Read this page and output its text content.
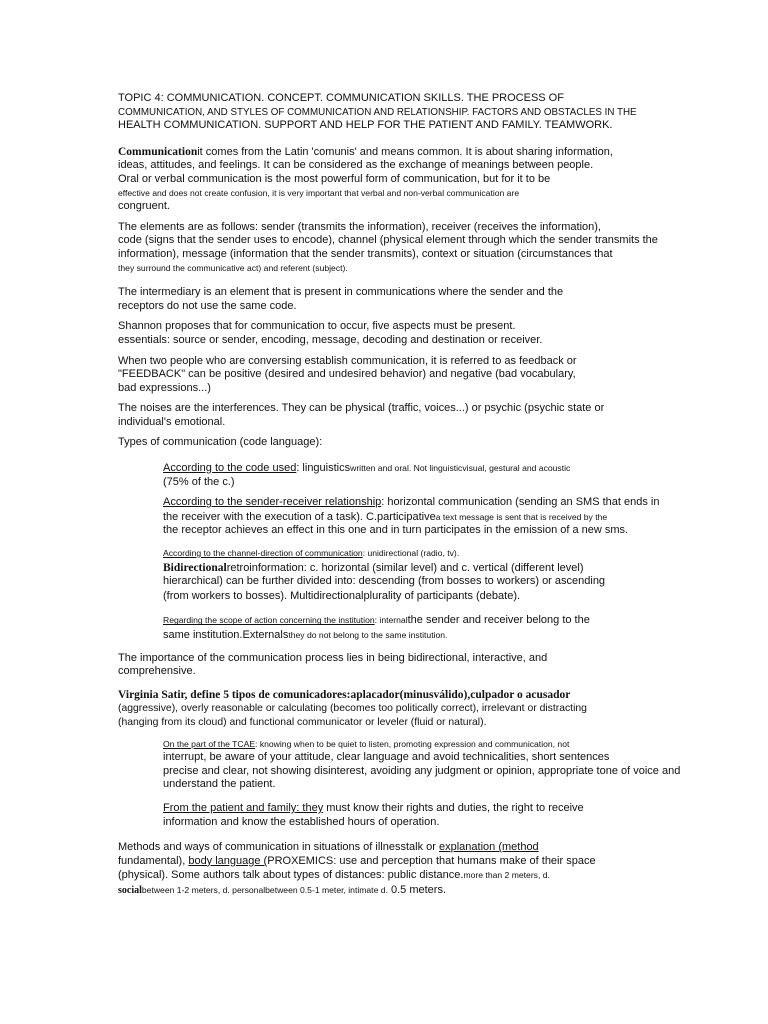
TOPIC 4: COMMUNICATION. CONCEPT. COMMUNICATION SKILLS. THE PROCESS OF
COMMUNICATION, AND STYLES OF COMMUNICATION AND RELATIONSHIP. FACTORS AND OBSTACLES IN THE
HEALTH COMMUNICATION. SUPPORT AND HELP FOR THE PATIENT AND FAMILY. TEAMWORK.
Communicationit comes from the Latin 'comunis' and means common. It is about sharing information,
ideas, attitudes, and feelings. It can be considered as the exchange of meanings between people.
Oral or verbal communication is the most powerful form of communication, but for it to be
effective and does not create confusion, it is very important that verbal and non-verbal communication are
congruent.
The elements are as follows: sender (transmits the information), receiver (receives the information),
code (signs that the sender uses to encode), channel (physical element through which the sender transmits the
information), message (information that the sender transmits), context or situation (circumstances that
they surround the communicative act) and referent (subject).
The intermediary is an element that is present in communications where the sender and the
receptors do not use the same code.
Shannon proposes that for communication to occur, five aspects must be present.
essentials: source or sender, encoding, message, decoding and destination or receiver.
When two people who are conversing establish communication, it is referred to as feedback or
"FEEDBACK" can be positive (desired and undesired behavior) and negative (bad vocabulary,
bad expressions...)
The noises are the interferences. They can be physical (traffic, voices...) or psychic (psychic state or
individual's emotional.
Types of communication (code language):
According to the code used: linguisticswritten and oral. Not linguisticvisual, gestural and acoustic
(75% of the c.)
According to the sender-receiver relationship: horizontal communication (sending an SMS that ends in
the receiver with the execution of a task). C.participativea text message is sent that is received by the
the receptor achieves an effect in this one and in turn participates in the emission of a new sms.
According to the channel-direction of communication: unidirectional (radio, tv).
Bidirectionalretroinformation: c. horizontal (similar level) and c. vertical (different level)
hierarchical) can be further divided into: descending (from bosses to workers) or ascending
(from workers to bosses). Multidirectionalplurality of participants (debate).
Regarding the scope of action concerning the institution: internalthe sender and receiver belong to the
same institution.Externalsthey do not belong to the same institution.
The importance of the communication process lies in being bidirectional, interactive, and
comprehensive.
Virginia Satir, define 5 tipos de comunicadores:aplacador(minusválido),culpador o acusador
(aggressive), overly reasonable or calculating (becomes too politically correct), irrelevant or distracting
(hanging from its cloud) and functional communicator or leveler (fluid or natural).
On the part of the TCAE: knowing when to be quiet to listen, promoting expression and communication, not
interrupt, be aware of your attitude, clear language and avoid technicalities, short sentences
precise and clear, not showing disinterest, avoiding any judgment or opinion, appropriate tone of voice and
understand the patient.
From the patient and family: they must know their rights and duties, the right to receive
information and know the established hours of operation.
Methods and ways of communication in situations of illnesstalk or explanation (method
fundamental), body language (PROXEMICS: use and perception that humans make of their space
(physical). Some authors talk about types of distances: public distance.more than 2 meters, d.
socialbetween 1-2 meters, d. personalbetween 0.5-1 meter, intimate d. 0.5 meters.
